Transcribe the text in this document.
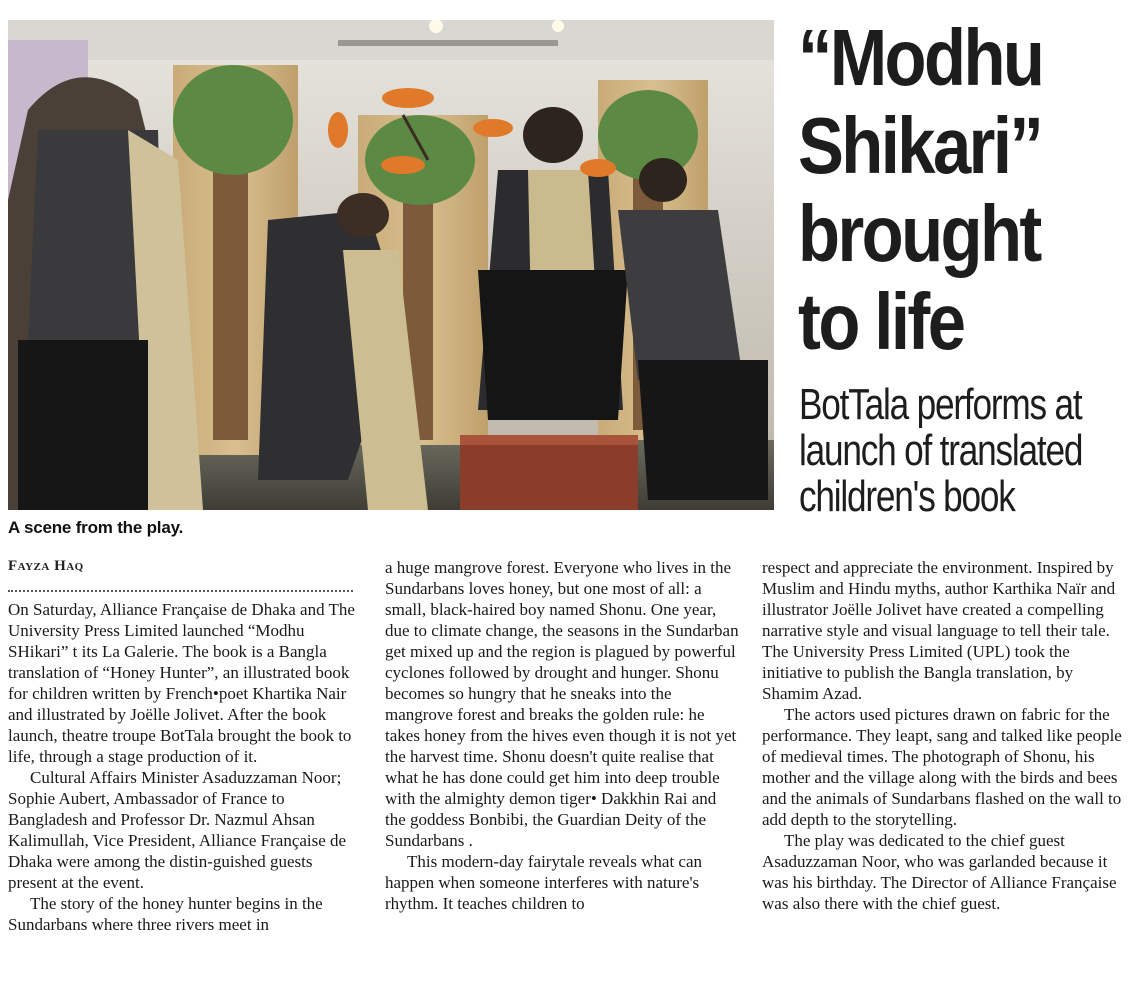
A scene from the play.
“Modhu
Shikari”
brought
to life
BotTala performs at
launch of translated
children's book
Fayza Haq

On Saturday, Alliance Française de Dhaka and The University Press Limited launched “Modhu SHikari” t its La Galerie. The book is a Bangla translation of “Honey Hunter”, an illustrated book for children written by French•poet Khartika Nair and illustrated by Joëlle Jolivet. After the book launch, theatre troupe BotTala brought the book to life, through a stage production of it.

Cultural Affairs Minister Asaduzzaman Noor; Sophie Aubert, Ambassador of France to Bangladesh and Professor Dr. Nazmul Ahsan Kalimullah, Vice President, Alliance Française de Dhaka were among the distin-guished guests present at the event.

The story of the honey hunter begins in the Sundarbans where three rivers meet in

a huge mangrove forest. Everyone who lives in the Sundarbans loves honey, but one most of all: a small, black-haired boy named Shonu. One year, due to climate change, the seasons in the Sundarban get mixed up and the region is plagued by powerful cyclones followed by drought and hunger. Shonu becomes so hungry that he sneaks into the mangrove forest and breaks the golden rule: he takes honey from the hives even though it is not yet the harvest time. Shonu doesn't quite realise that what he has done could get him into deep trouble with the almighty demon tiger• Dakkhin Rai and the goddess Bonbibi, the Guardian Deity of the Sundarbans .

This modern-day fairytale reveals what can happen when someone interferes with nature's rhythm. It teaches children to

respect and appreciate the environment. Inspired by Muslim and Hindu myths, author Karthika Naïr and illustrator Joëlle Jolivet have created a compelling narrative style and visual language to tell their tale. The University Press Limited (UPL) took the initiative to publish the Bangla translation, by Shamim Azad.

The actors used pictures drawn on fabric for the performance. They leapt, sang and talked like people of medieval times. The photograph of Shonu, his mother and the village along with the birds and bees and the animals of Sundarbans flashed on the wall to add depth to the storytelling.

The play was dedicated to the chief guest Asaduzzaman Noor, who was garlanded because it was his birthday. The Director of Alliance Française was also there with the chief guest.
